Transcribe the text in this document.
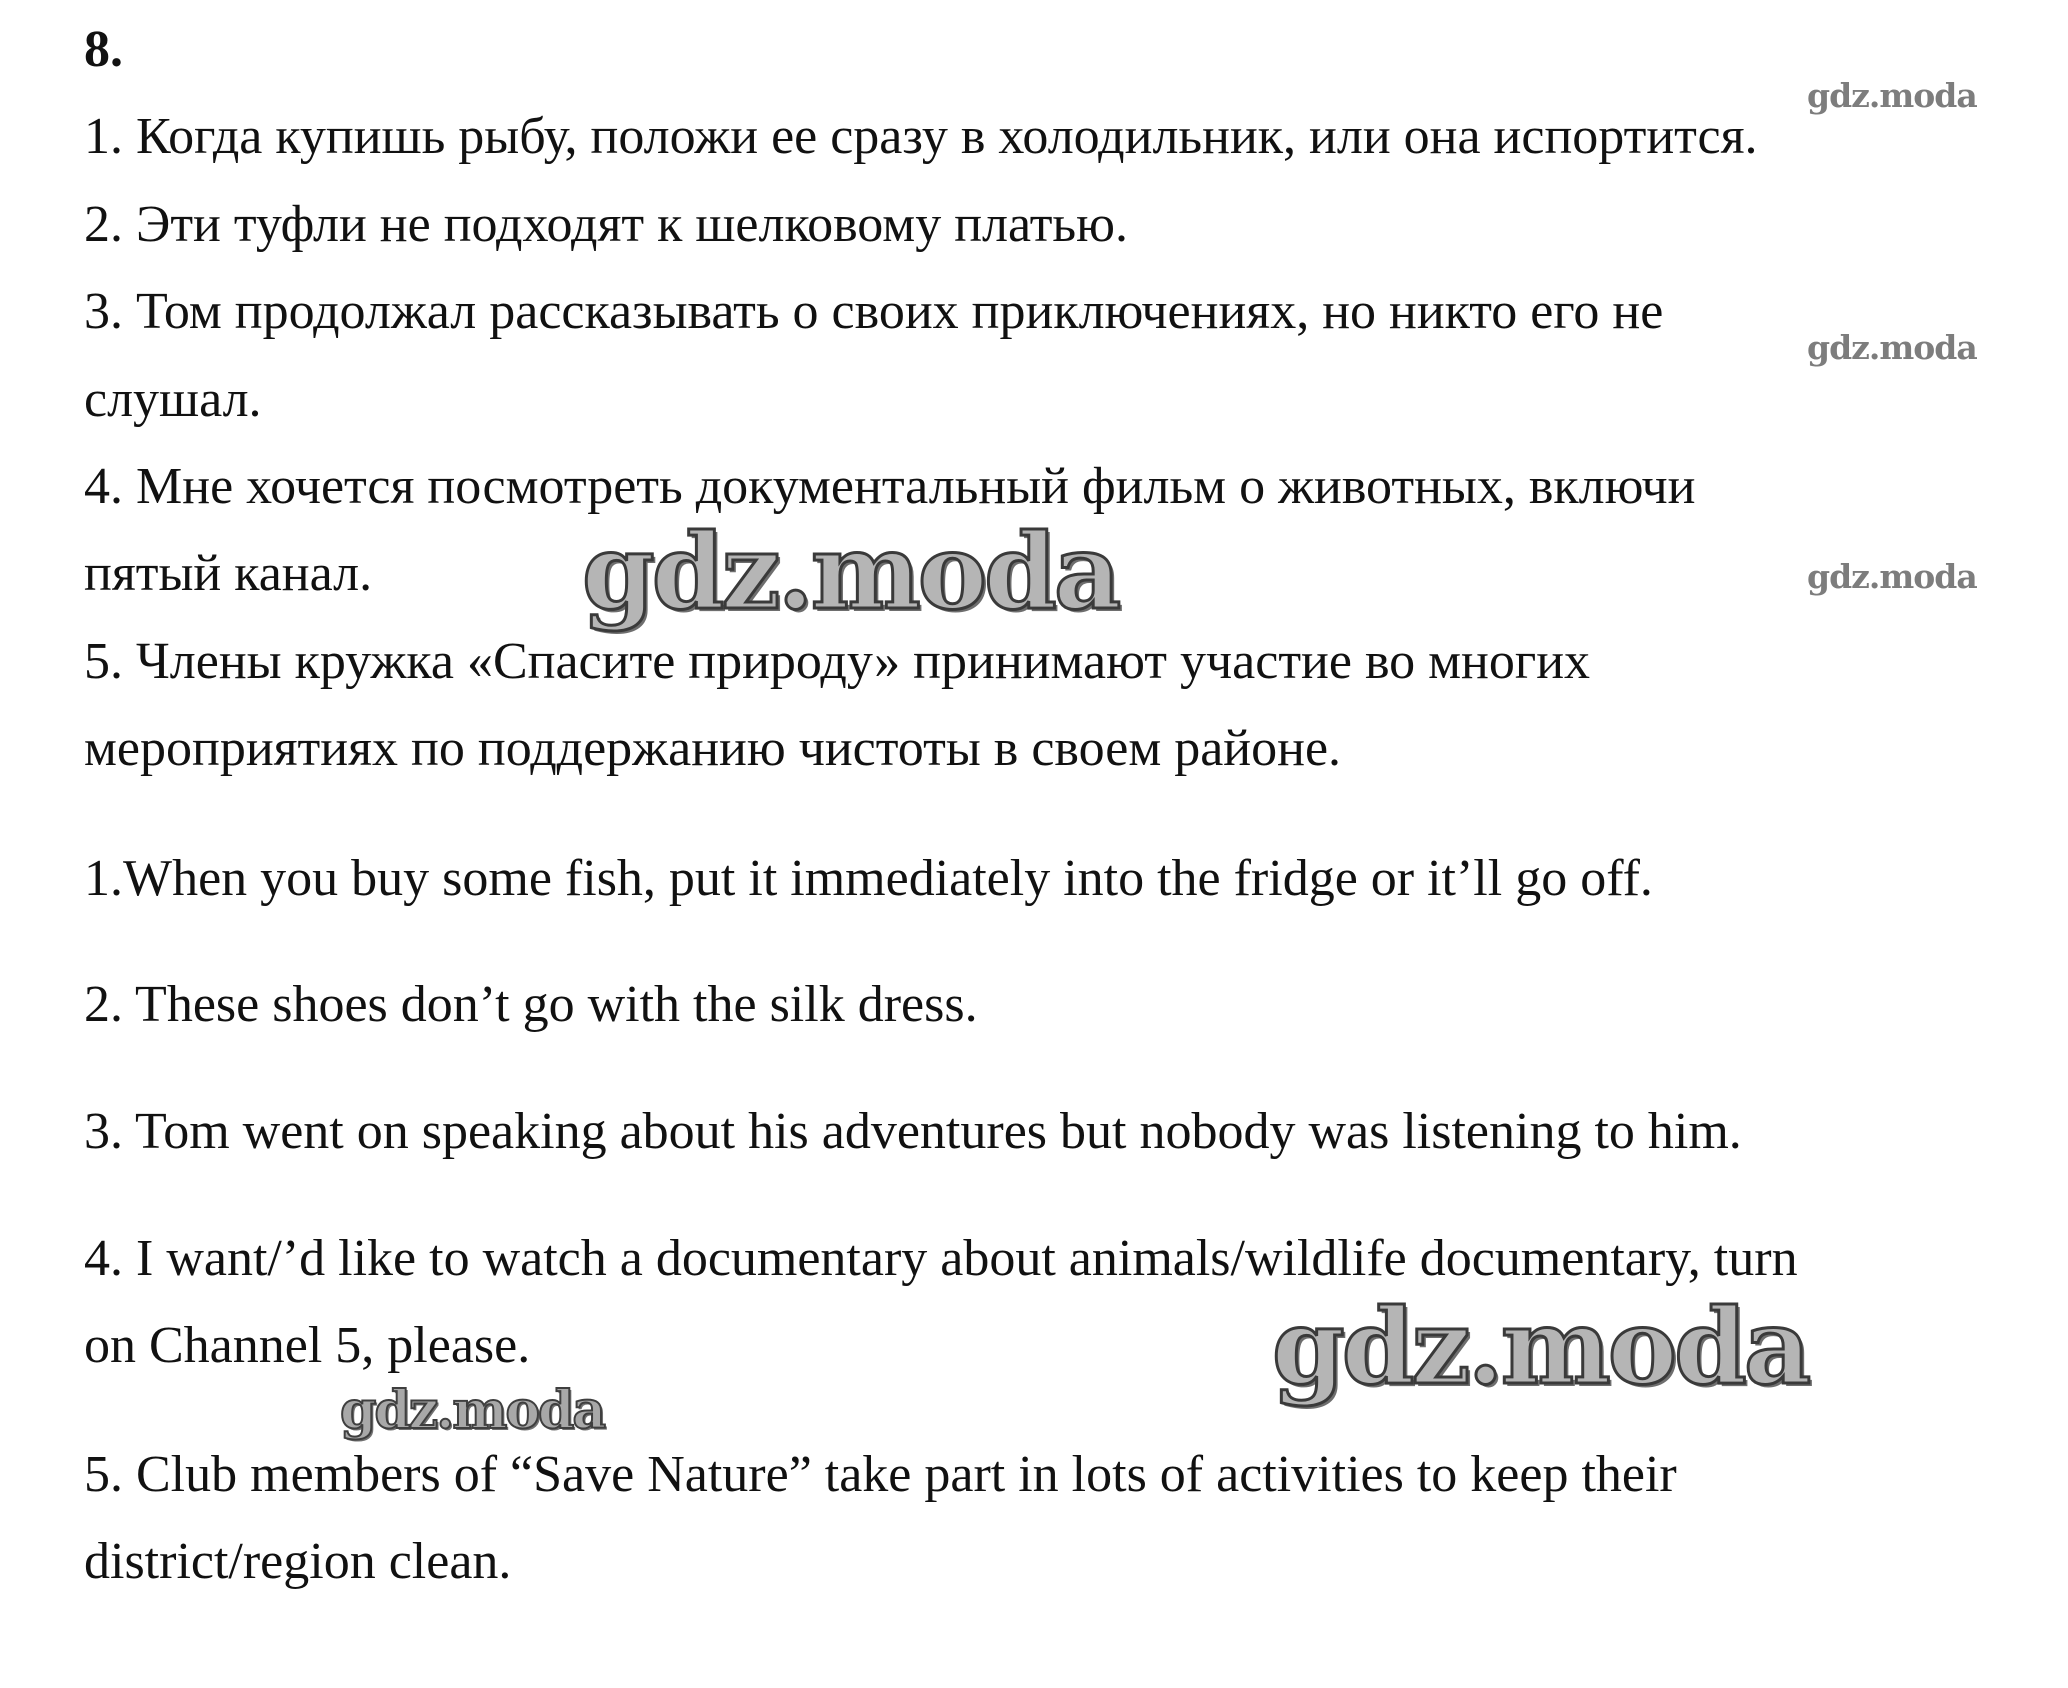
8.

1. Когда купишь рыбу, положи ее сразу в холодильник, или она испортится.

2. Эти туфли не подходят к шелковому платью.

3. Том продолжал рассказывать о своих приключениях, но никто его не

слушал.

4. Мне хочется посмотреть документальный фильм о животных, включи

пятый канал.

5. Члены кружка «Спасите природу» принимают участие во многих

мероприятиях по поддержанию чистоты в своем районе.

1.When you buy some fish, put it immediately into the fridge or it’ll go off.

2. These shoes don’t go with the silk dress.

3. Tom went on speaking about his adventures but nobody was listening to him.

4. I want/’d like to watch a documentary about animals/wildlife documentary, turn

on Channel 5, please.

5. Club members of “Save Nature” take part in lots of activities to keep their

district/region clean.

gdz.moda
gdz.moda
gdz.moda
gdz.moda
gdz.moda
gdz.moda
